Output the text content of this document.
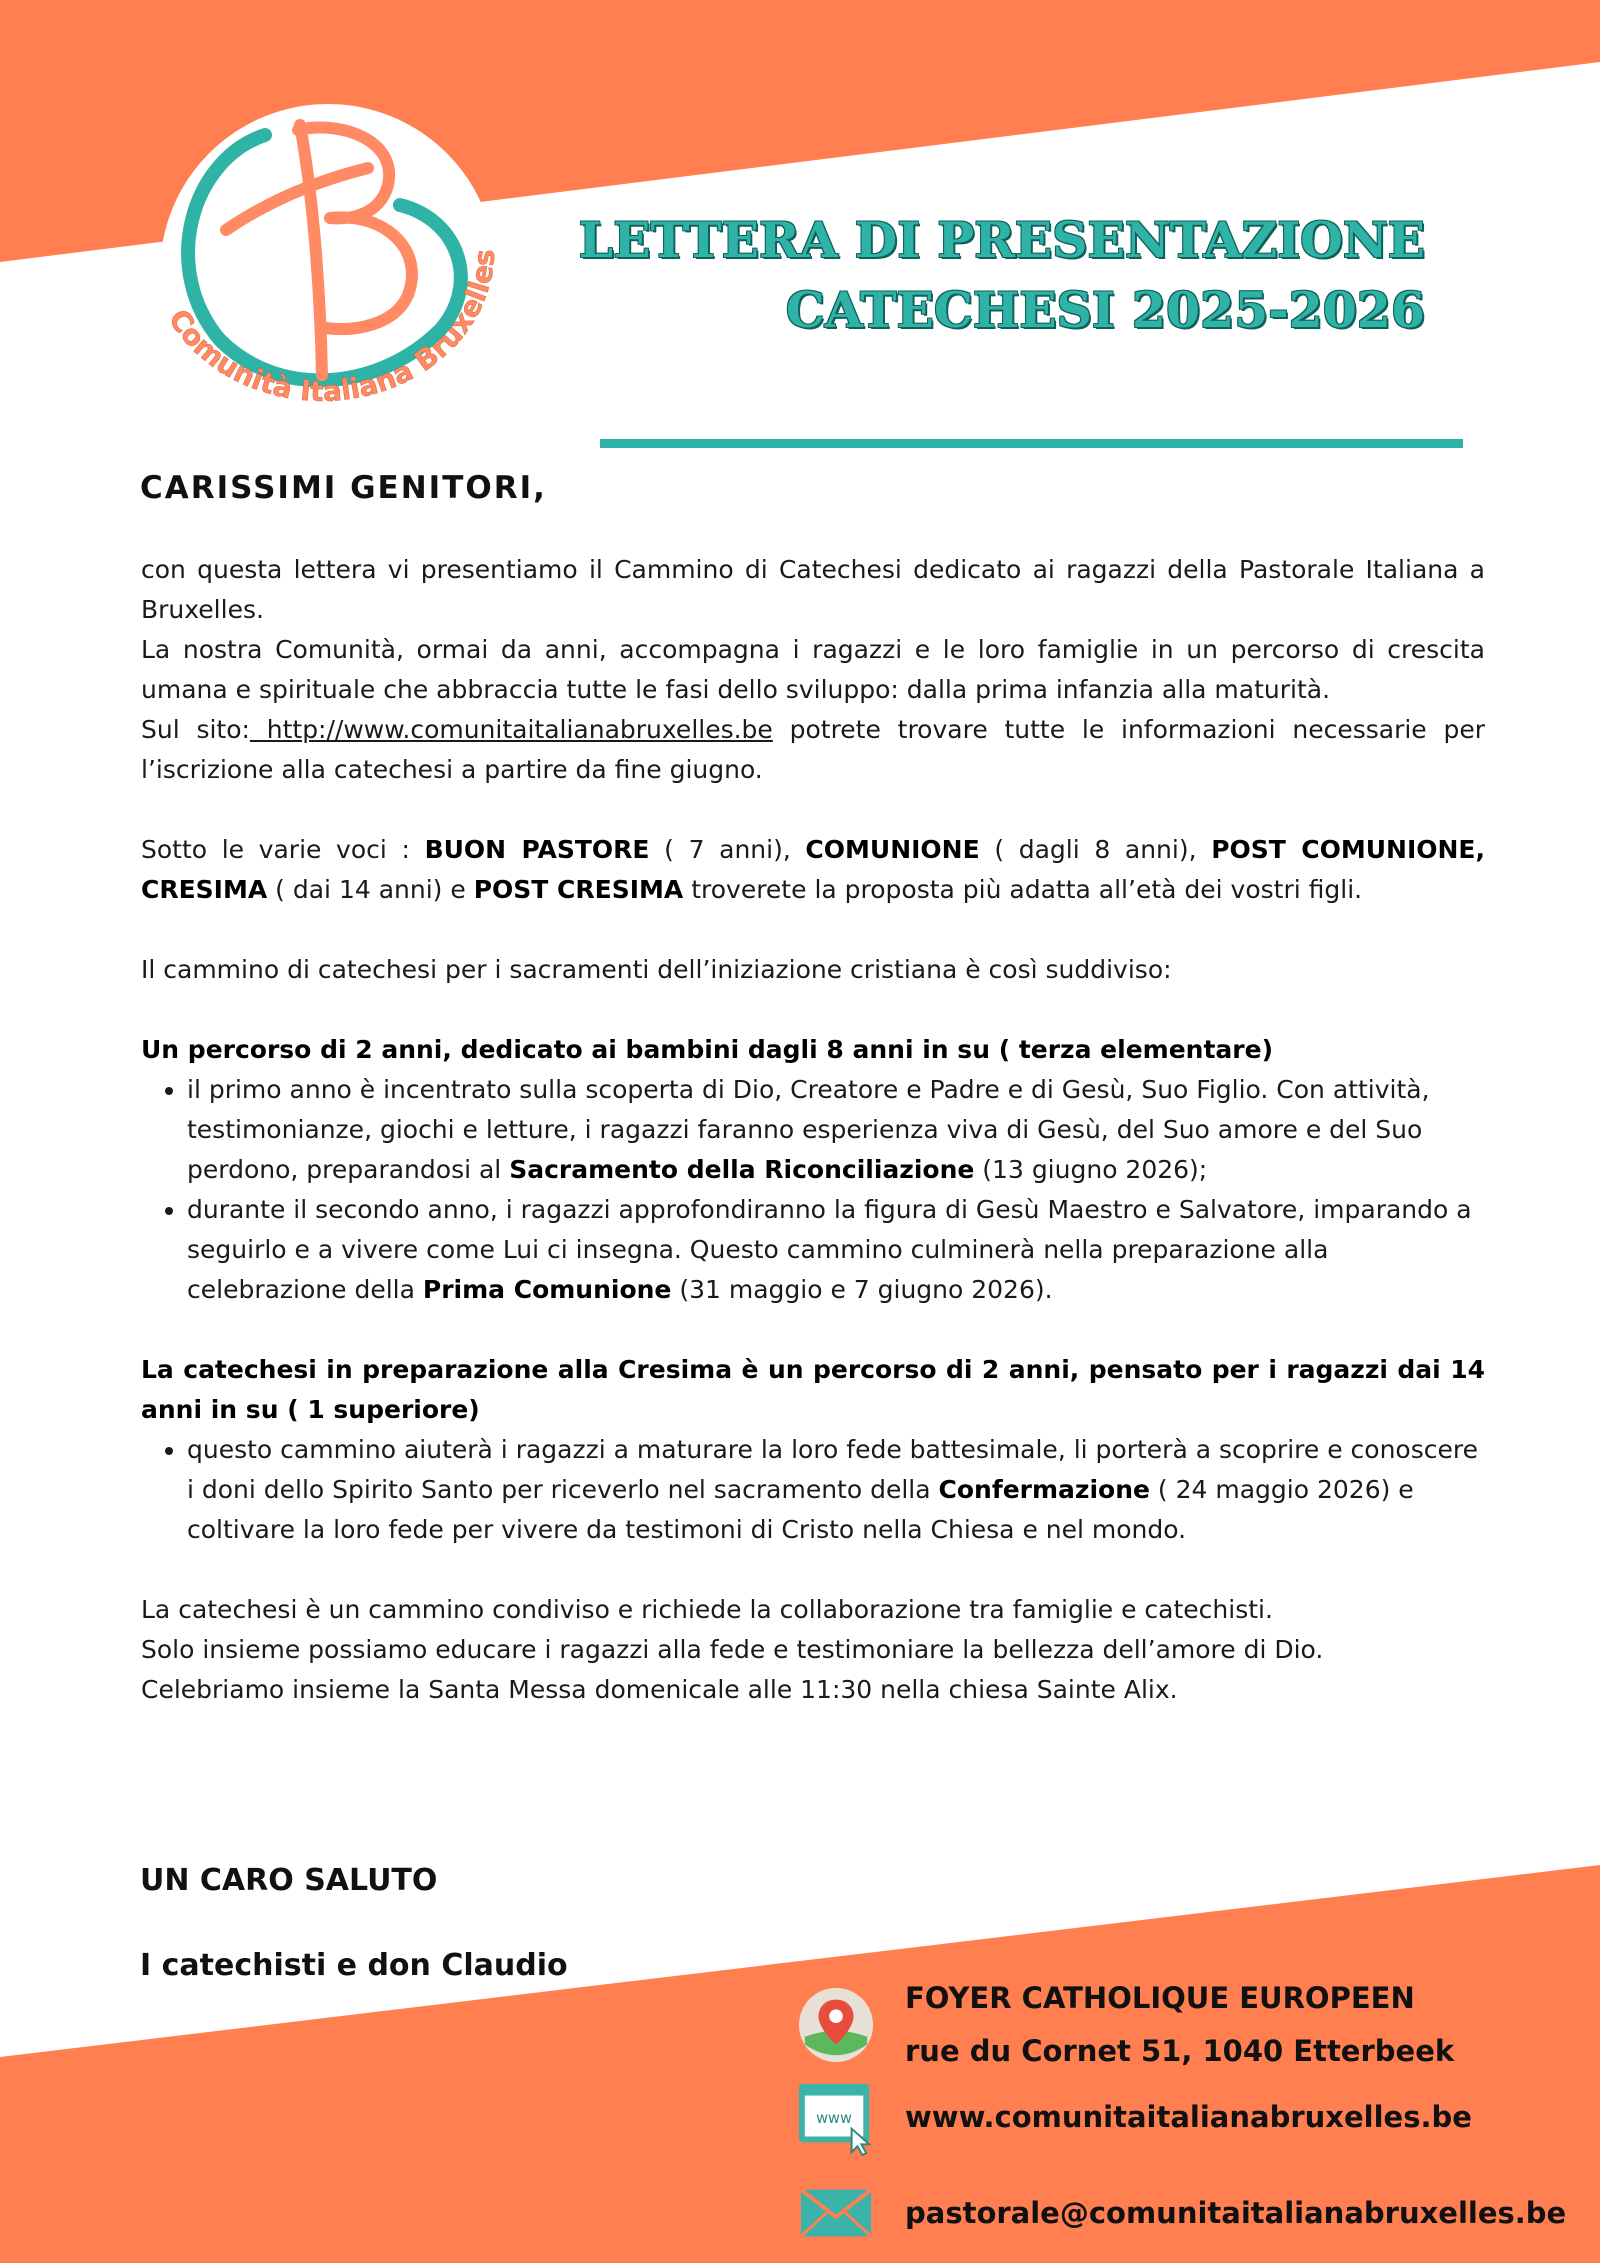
Comunità Italiana Bruxelles LETTERA DI PRESENTAZIONE
CATECHESI 2025-2026
CARISSIMI GENITORI,

con questa lettera vi presentiamo il Cammino di Catechesi dedicato ai ragazzi della Pastorale Italiana a Bruxelles.

La nostra Comunità, ormai da anni, accompagna i ragazzi e le loro famiglie in un percorso di crescita umana e spirituale che abbraccia tutte le fasi dello sviluppo: dalla prima infanzia alla maturità.

Sul sito: http://www.comunitaitalianabruxelles.be potrete trovare tutte le informazioni necessarie per l’iscrizione alla catechesi a partire da fine giugno.

Sotto le varie voci : BUON PASTORE ( 7 anni), COMUNIONE ( dagli 8 anni), POST COMUNIONE, CRESIMA ( dai 14 anni) e POST CRESIMA troverete la proposta più adatta all’età dei vostri figli.

Il cammino di catechesi per i sacramenti dell’iniziazione cristiana è così suddiviso:

Un percorso di 2 anni, dedicato ai bambini dagli 8 anni in su ( terza elementare)

• il primo anno è incentrato sulla scoperta di Dio, Creatore e Padre e di Gesù, Suo Figlio. Con attività, testimonianze, giochi e letture, i ragazzi faranno esperienza viva di Gesù, del Suo amore e del Suo perdono, preparandosi al Sacramento della Riconciliazione (13 giugno 2026);
• durante il secondo anno, i ragazzi approfondiranno la figura di Gesù Maestro e Salvatore, imparando a seguirlo e a vivere come Lui ci insegna. Questo cammino culminerà nella preparazione alla celebrazione della Prima Comunione (31 maggio e 7 giugno 2026).

La catechesi in preparazione alla Cresima è un percorso di 2 anni, pensato per i ragazzi dai 14 anni in su ( 1 superiore)

• questo cammino aiuterà i ragazzi a maturare la loro fede battesimale, li porterà a scoprire e conoscere i doni dello Spirito Santo per riceverlo nel sacramento della Confermazione ( 24 maggio 2026) e coltivare la loro fede per vivere da testimoni di Cristo nella Chiesa e nel mondo.

La catechesi è un cammino condiviso e richiede la collaborazione tra famiglie e catechisti.

Solo insieme possiamo educare i ragazzi alla fede e testimoniare la bellezza dell’amore di Dio.

Celebriamo insieme la Santa Messa domenicale alle 11:30 nella chiesa Sainte Alix.

UN CARO SALUTO
I catechisti e don Claudio
FOYER CATHOLIQUE EUROPEEN
rue du Cornet 51, 1040 Etterbeek
www www.comunitaitalianabruxelles.be
pastorale@comunitaitalianabruxelles.be
